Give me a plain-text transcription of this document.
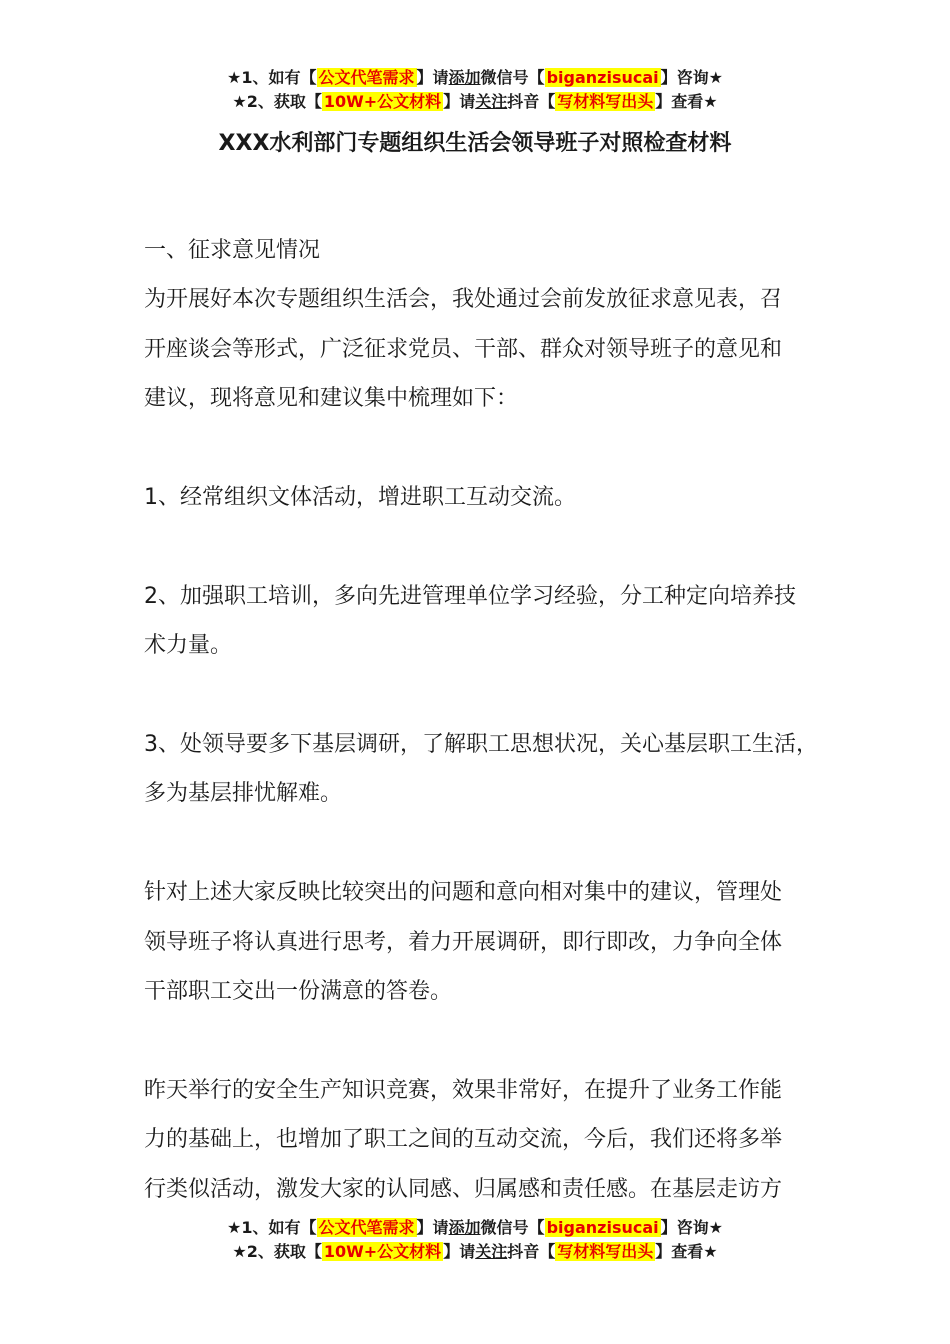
★1、如有【 公文代笔需求 】请添加微信号【 biganzisucai 】咨询★
★2、获取【 10W+公文材料 】请关注抖音【 写材料写出头 】查看★
XXX水利部门专题组织生活会领导班子对照检查材料

一、征求意见情况

为开展好本次专题组织生活会，我处通过会前发放征求意见表，召

开座谈会等形式，广泛征求党员、干部、群众对领导班子的意见和

建议，现将意见和建议集中梳理如下：

1、经常组织文体活动，增进职工互动交流。

2、加强职工培训，多向先进管理单位学习经验，分工种定向培养技

术力量。

3、处领导要多下基层调研，了解职工思想状况，关心基层职工生活，

多为基层排忧解难。

针对上述大家反映比较突出的问题和意向相对集中的建议，管理处

领导班子将认真进行思考，着力开展调研，即行即改，力争向全体

干部职工交出一份满意的答卷。

昨天举行的安全生产知识竞赛，效果非常好，在提升了业务工作能

力的基础上，也增加了职工之间的互动交流，今后，我们还将多举

行类似活动，激发大家的认同感、归属感和责任感。在基层走访方

★1、如有【 公文代笔需求 】请添加微信号【 biganzisucai 】咨询★
★2、获取【 10W+公文材料 】请关注抖音【 写材料写出头 】查看★
